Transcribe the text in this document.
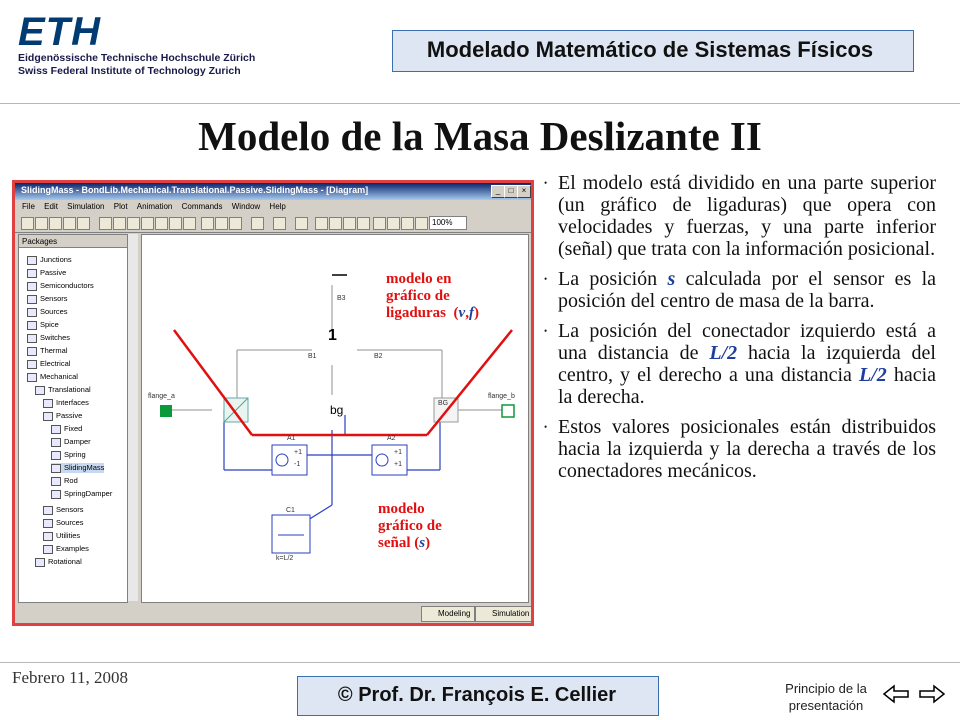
ETH
Eidgenössische Technische Hochschule Zürich
Swiss Federal Institute of Technology Zurich
Modelado Matemático de Sistemas Físicos
Modelo de la Masa Deslizante II
SlidingMass - BondLib.Mechanical.Translational.Passive.SlidingMass - [Diagram]	_	□	×
File Edit Simulation Plot Animation Commands Window Help
100%
Packages
Junctions
Passive
Semiconductors
Sensors
Sources
Spice
Switches
Thermal
Electrical
Mechanical
Translational
Interfaces
Passive
Fixed
Damper
Spring
SlidingMass
Rod
SpringDamper
Sensors
Sources
Utilities
Examples
Rotational
flange_a	flange_b
B1	B2
B3
1
A1	A2
+1
-1
+1
+1
C1
k=L/2
BG
bg
modelo en
gráfico de
ligaduras (v,f)
modelo
gráfico de
señal (s)
Modeling	Simulation

• El modelo está dividido en una parte superior (un gráfico de ligaduras) que opera con velocidades y fuerzas, y una parte inferior (señal) que trata con la información posicional.

• La posición s calculada por el sensor es la posición del centro de masa de la barra.

• La posición del conectador izquierdo está a una distancia de L/2 hacia la izquierda del centro, y el derecho a una distancia L/2 hacia la derecha.

• Estos valores posicionales están distribuidos hacia la izquierda y la derecha a través de los conectadores mecánicos.

Febrero 11, 2008
© Prof. Dr. François E. Cellier	Principio de la presentación
